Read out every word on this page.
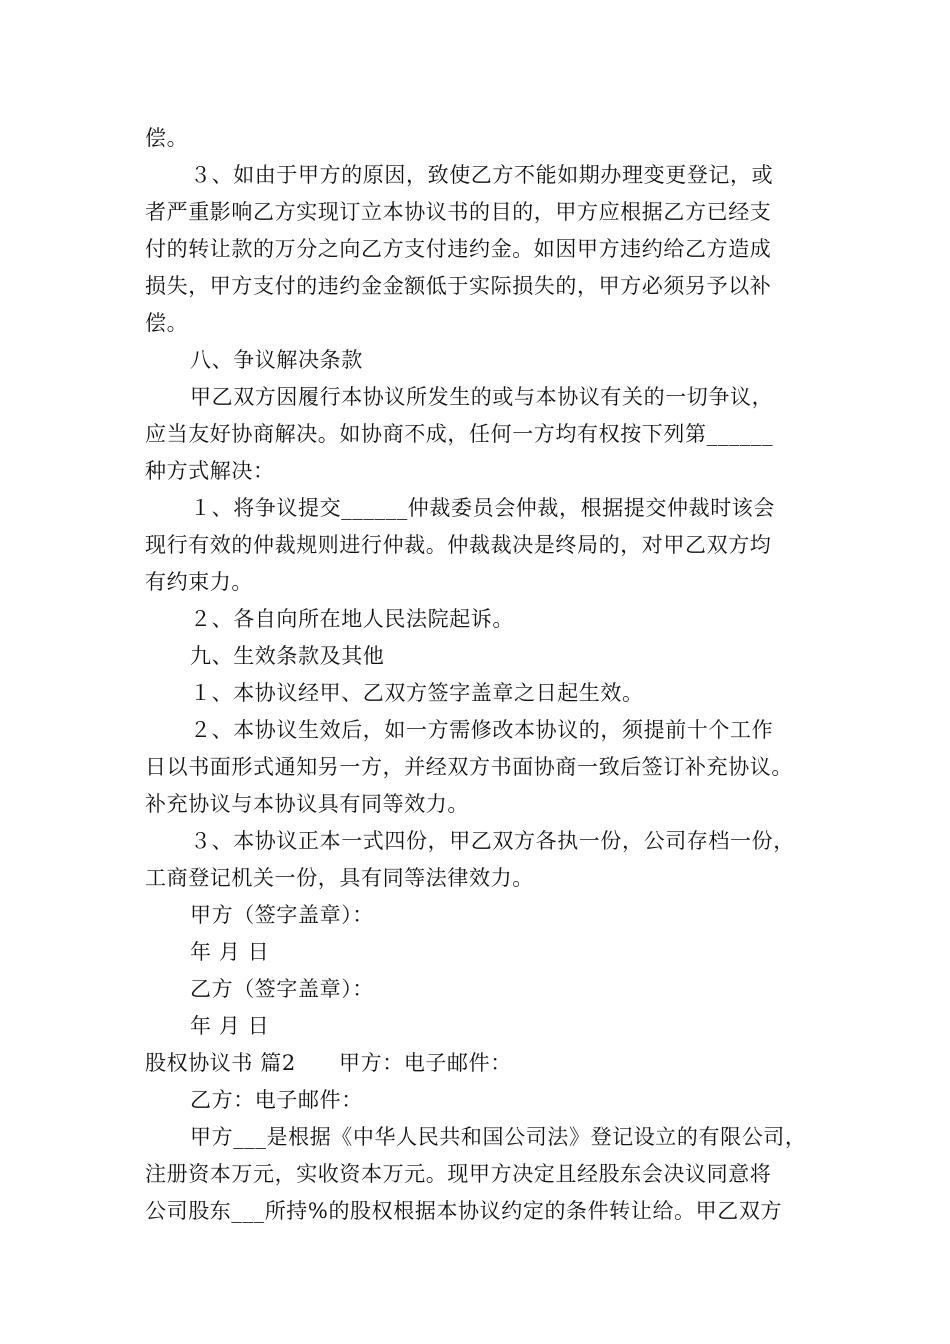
偿。
３、如由于甲方的原因，致使乙方不能如期办理变更登记，或
者严重影响乙方实现订立本协议书的目的，甲方应根据乙方已经支
付的转让款的万分之向乙方支付违约金。如因甲方违约给乙方造成
损失，甲方支付的违约金金额低于实际损失的，甲方必须另予以补
偿。
八、争议解决条款
甲乙双方因履行本协议所发生的或与本协议有关的一切争议，
应当友好协商解决。如协商不成，任何一方均有权按下列第______
种方式解决：
１、将争议提交______仲裁委员会仲裁，根据提交仲裁时该会
现行有效的仲裁规则进行仲裁。仲裁裁决是终局的，对甲乙双方均
有约束力。
２、各自向所在地人民法院起诉。
九、生效条款及其他
１、本协议经甲、乙双方签字盖章之日起生效。
２、本协议生效后，如一方需修改本协议的，须提前十个工作
日以书面形式通知另一方，并经双方书面协商一致后签订补充协议。
补充协议与本协议具有同等效力。
３、本协议正本一式四份，甲乙双方各执一份，公司存档一份，
工商登记机关一份，具有同等法律效力。
甲方（签字盖章）：
年 月 日
乙方（签字盖章）：
年 月 日
股权协议书 篇2　　甲方：电子邮件：
乙方：电子邮件：
甲方___是根据《中华人民共和国公司法》登记设立的有限公司，
注册资本万元，实收资本万元。现甲方决定且经股东会决议同意将
公司股东___所持%的股权根据本协议约定的条件转让给。甲乙双方
